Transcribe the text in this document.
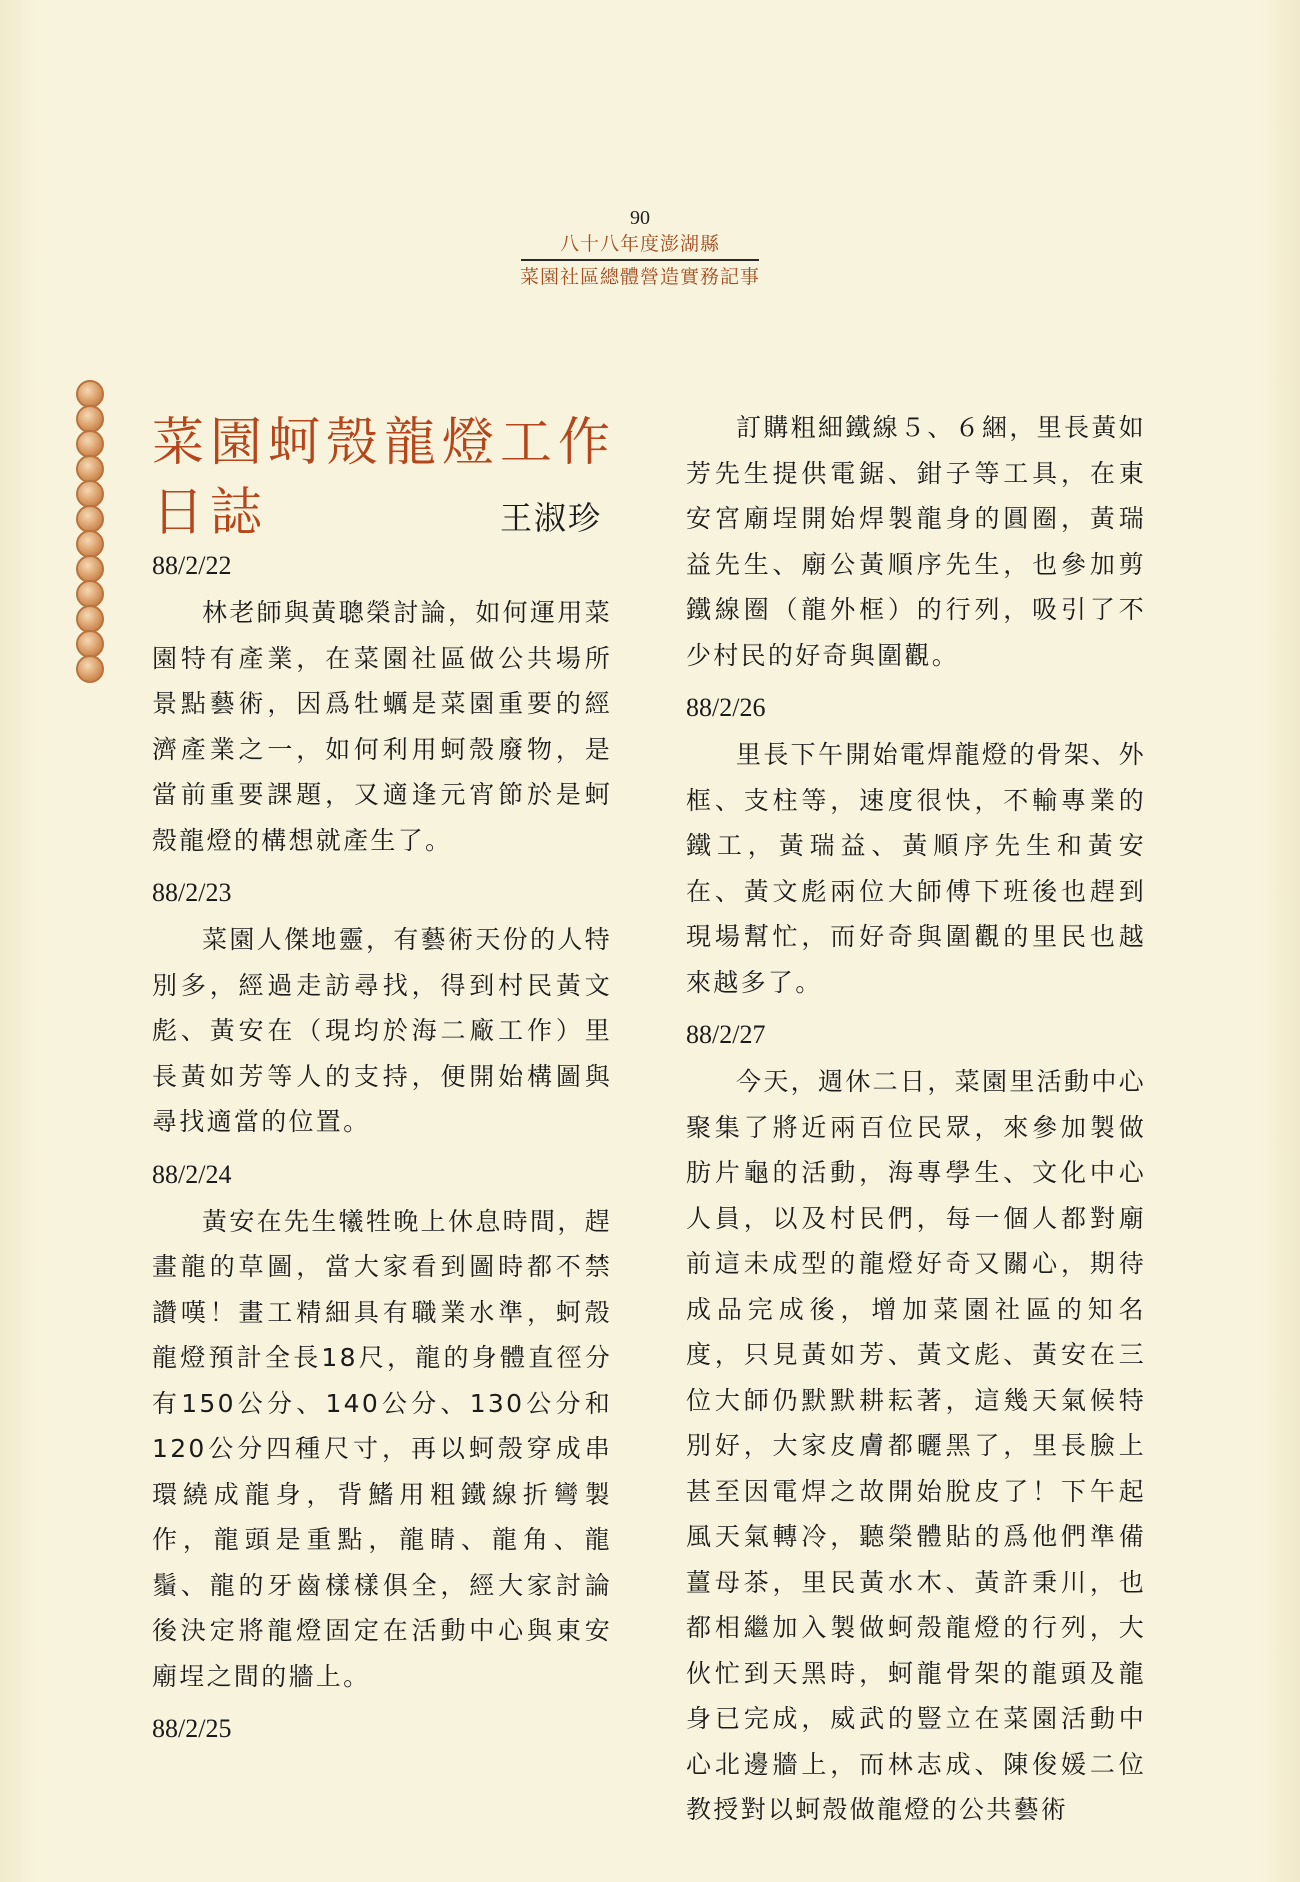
90
八十八年度澎湖縣
菜園社區總體營造實務記事
菜園蚵殼龍燈工作日誌	王淑珍

88/2/22

林老師與黃聰榮討論，如何運用菜園特有產業，在菜園社區做公共場所景點藝術，因爲牡蠣是菜園重要的經濟產業之一，如何利用蚵殼廢物，是當前重要課題，又適逢元宵節於是蚵殼龍燈的構想就產生了。

88/2/23

菜園人傑地靈，有藝術天份的人特別多，經過走訪尋找，得到村民黃文彪、黃安在（現均於海二廠工作）里長黃如芳等人的支持，便開始構圖與尋找適當的位置。

88/2/24

黃安在先生犧牲晚上休息時間，趕畫龍的草圖，當大家看到圖時都不禁讚嘆！畫工精細具有職業水準，蚵殼龍燈預計全長18尺，龍的身體直徑分有150公分、140公分、130公分和120公分四種尺寸，再以蚵殼穿成串環繞成龍身，背鰭用粗鐵線折彎製作，龍頭是重點，龍睛、龍角、龍鬚、龍的牙齒樣樣俱全，經大家討論後決定將龍燈固定在活動中心與東安廟埕之間的牆上。

88/2/25

訂購粗細鐵線５、６綑，里長黃如芳先生提供電鋸、鉗子等工具，在東安宮廟埕開始焊製龍身的圓圈，黃瑞益先生、廟公黃順序先生，也參加剪鐵線圈（龍外框）的行列，吸引了不少村民的好奇與圍觀。

88/2/26

里長下午開始電焊龍燈的骨架、外框、支柱等，速度很快，不輸專業的鐵工，黃瑞益、黃順序先生和黃安在、黃文彪兩位大師傅下班後也趕到現場幫忙，而好奇與圍觀的里民也越來越多了。

88/2/27

今天，週休二日，菜園里活動中心聚集了將近兩百位民眾，來參加製做肪片龜的活動，海專學生、文化中心人員，以及村民們，每一個人都對廟前這未成型的龍燈好奇又關心，期待成品完成後，增加菜園社區的知名度，只見黃如芳、黃文彪、黃安在三位大師仍默默耕耘著，這幾天氣候特別好，大家皮膚都曬黑了，里長臉上甚至因電焊之故開始脫皮了！下午起風天氣轉冷，聽榮體貼的爲他們準備薑母茶，里民黃水木、黃許秉川，也都相繼加入製做蚵殼龍燈的行列，大伙忙到天黑時，蚵龍骨架的龍頭及龍身已完成，威武的豎立在菜園活動中心北邊牆上，而林志成、陳俊媛二位教授對以蚵殼做龍燈的公共藝術
